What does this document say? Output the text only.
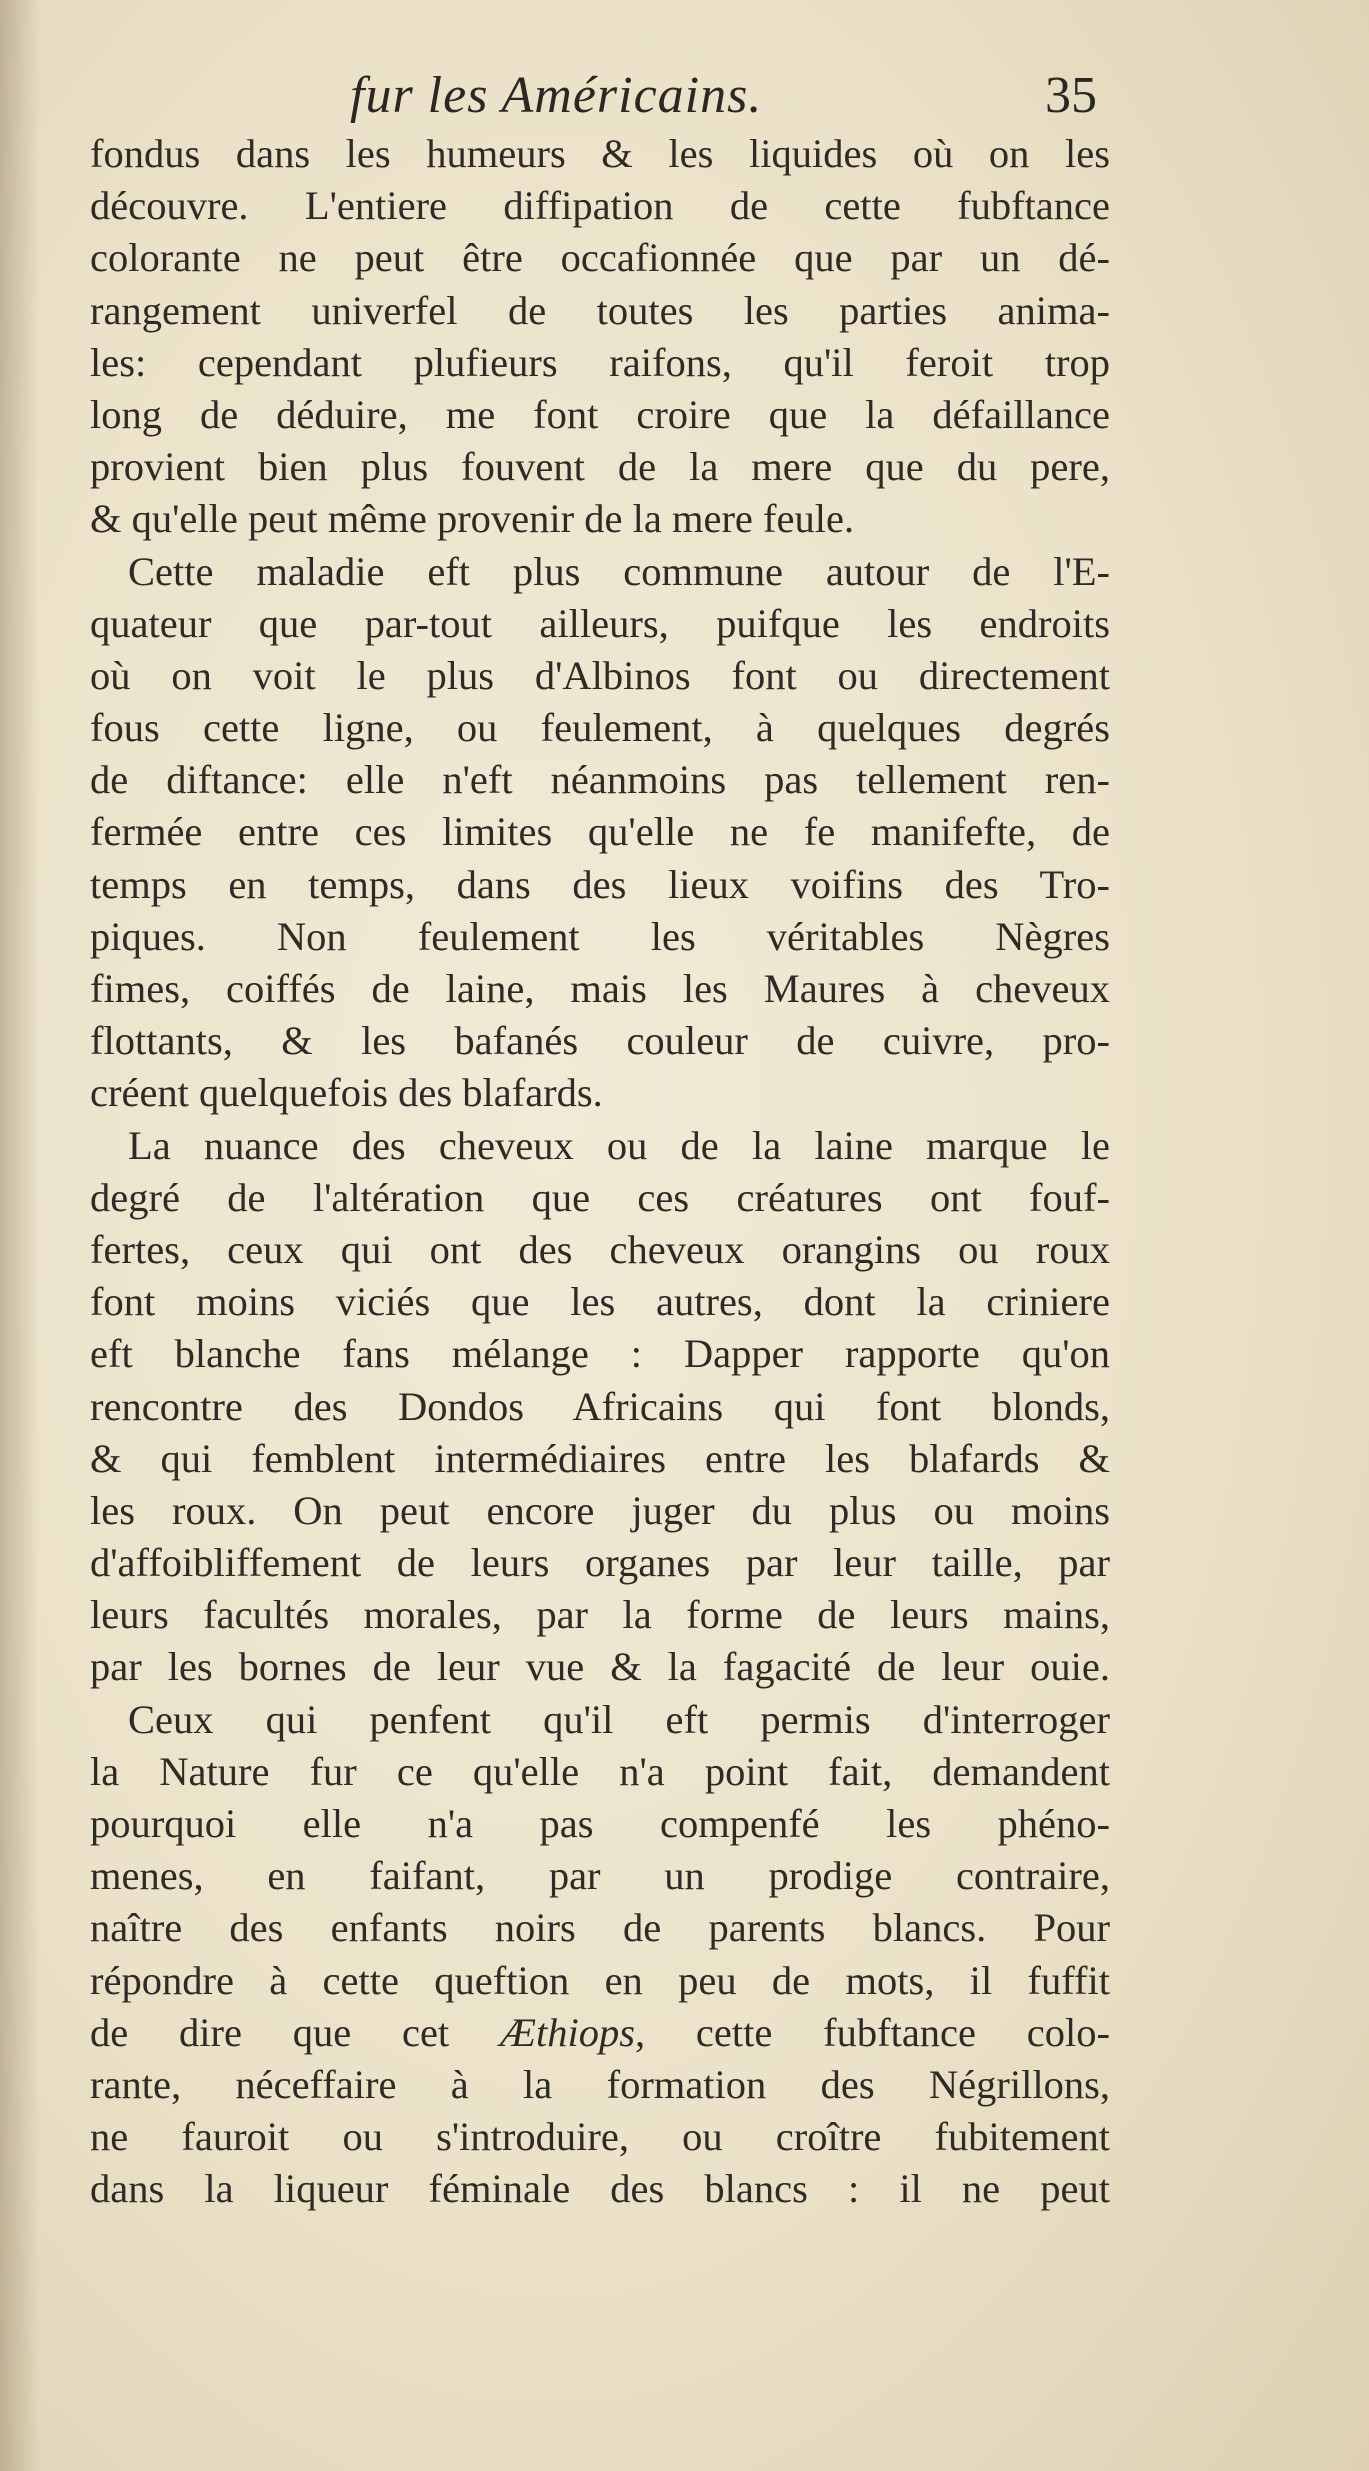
fur les Américains.	35
fondus dans les humeurs & les liquides où on les
découvre. L'entiere diffipation de cette fubftance
colorante ne peut être occafionnée que par un dé-
rangement univerfel de toutes les parties anima-
les: cependant plufieurs raifons, qu'il feroit trop
long de déduire, me font croire que la défaillance
provient bien plus fouvent de la mere que du pere,
& qu'elle peut même provenir de la mere feule.
Cette maladie eft plus commune autour de l'E-
quateur que par-tout ailleurs, puifque les endroits
où on voit le plus d'Albinos font ou directement
fous cette ligne, ou feulement, à quelques degrés
de diftance: elle n'eft néanmoins pas tellement ren-
fermée entre ces limites qu'elle ne fe manifefte, de
temps en temps, dans des lieux voifins des Tro-
piques. Non feulement les véritables Nègres
fimes, coiffés de laine, mais les Maures à cheveux
flottants, & les bafanés couleur de cuivre, pro-
créent quelquefois des blafards.
La nuance des cheveux ou de la laine marque le
degré de l'altération que ces créatures ont fouf-
fertes, ceux qui ont des cheveux orangins ou roux
font moins viciés que les autres, dont la criniere
eft blanche fans mélange : Dapper rapporte qu'on
rencontre des Dondos Africains qui font blonds,
& qui femblent intermédiaires entre les blafards &
les roux. On peut encore juger du plus ou moins
d'affoibliffement de leurs organes par leur taille, par
leurs facultés morales, par la forme de leurs mains,
par les bornes de leur vue & la fagacité de leur ouie.
Ceux qui penfent qu'il eft permis d'interroger
la Nature fur ce qu'elle n'a point fait, demandent
pourquoi elle n'a pas compenfé les phéno-
menes, en faifant, par un prodige contraire,
naître des enfants noirs de parents blancs. Pour
répondre à cette queftion en peu de mots, il fuffit
de dire que cet Æthiops, cette fubftance colo-
rante, néceffaire à la formation des Négrillons,
ne fauroit ou s'introduire, ou croître fubitement
dans la liqueur féminale des blancs : il ne peut
